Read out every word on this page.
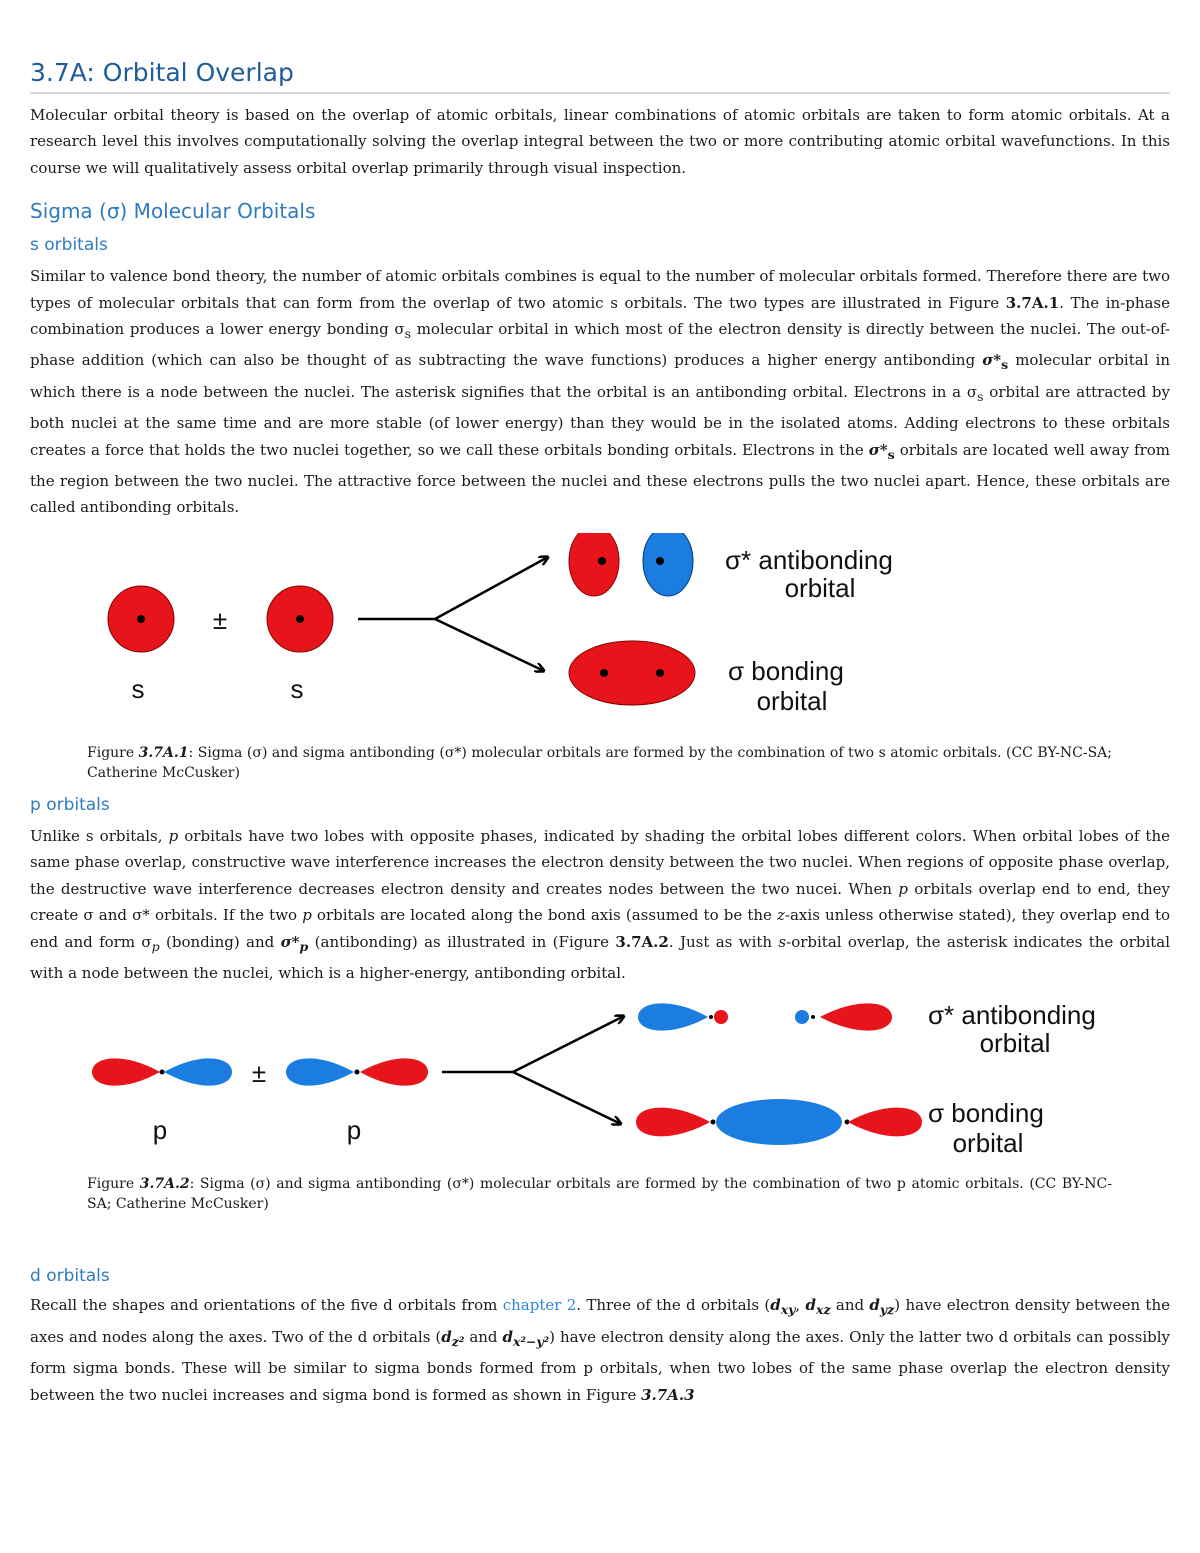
3.7A: Orbital Overlap

Molecular orbital theory is based on the overlap of atomic orbitals, linear combinations of atomic orbitals are taken to form atomic orbitals. At a research level this involves computationally solving the overlap integral between the two or more contributing atomic orbital wavefunctions. In this course we will qualitatively assess orbital overlap primarily through visual inspection.

Sigma (σ) Molecular Orbitals
s orbitals

Similar to valence bond theory, the number of atomic orbitals combines is equal to the number of molecular orbitals formed. Therefore there are two types of molecular orbitals that can form from the overlap of two atomic s orbitals. The two types are illustrated in Figure 3.7A.1. The in-phase combination produces a lower energy bonding $\sigma_s$ molecular orbital in which most of the electron density is directly between the nuclei. The out-of-phase addition (which can also be thought of as subtracting the wave functions) produces a higher energy antibonding $\sigma*_s$ molecular orbital in which there is a node between the nuclei. The asterisk signifies that the orbital is an antibonding orbital. Electrons in a $\sigma_s$ orbital are attracted by both nuclei at the same time and are more stable (of lower energy) than they would be in the isolated atoms. Adding electrons to these orbitals creates a force that holds the two nuclei together, so we call these orbitals bonding orbitals. Electrons in the $\sigma*_s$ orbitals are located well away from the region between the two nuclei. The attractive force between the nuclei and these electrons pulls the two nuclei apart. Hence, these orbitals are called antibonding orbitals.

±
s	s
σ* antibonding
orbital
σ bonding
orbital

Figure 3.7A.1: Sigma (σ) and sigma antibonding (σ*) molecular orbitals are formed by the combination of two s atomic orbitals. (CC BY-NC-SA; Catherine McCusker)

p orbitals

Unlike s orbitals, p orbitals have two lobes with opposite phases, indicated by shading the orbital lobes different colors. When orbital lobes of the same phase overlap, constructive wave interference increases the electron density between the two nuclei. When regions of opposite phase overlap, the destructive wave interference decreases electron density and creates nodes between the two nucei. When p orbitals overlap end to end, they create σ and σ* orbitals. If the two p orbitals are located along the bond axis (assumed to be the z-axis unless otherwise stated), they overlap end to end and form $\sigma_p$ (bonding) and $\sigma*_p$ (antibonding) as illustrated in (Figure 3.7A.2. Just as with s-orbital overlap, the asterisk indicates the orbital with a node between the nuclei, which is a higher-energy, antibonding orbital.

±
p	p
σ* antibonding
orbital
σ bonding
orbital

Figure 3.7A.2: Sigma (σ) and sigma antibonding (σ*) molecular orbitals are formed by the combination of two p atomic orbitals. (CC BY-NC-SA; Catherine McCusker)

d orbitals

Recall the shapes and orientations of the five d orbitals from chapter 2. Three of the d orbitals ($d_{xy}$, $d_{xz}$ and $d_{yz}$) have electron density between the axes and nodes along the axes. Two of the d orbitals ($d_{z^2}$ and $d_{x^2-y^2}$) have electron density along the axes. Only the latter two d orbitals can possibly form sigma bonds. These will be similar to sigma bonds formed from p orbitals, when two lobes of the same phase overlap the electron density between the two nuclei increases and sigma bond is formed as shown in Figure 3.7A.3
